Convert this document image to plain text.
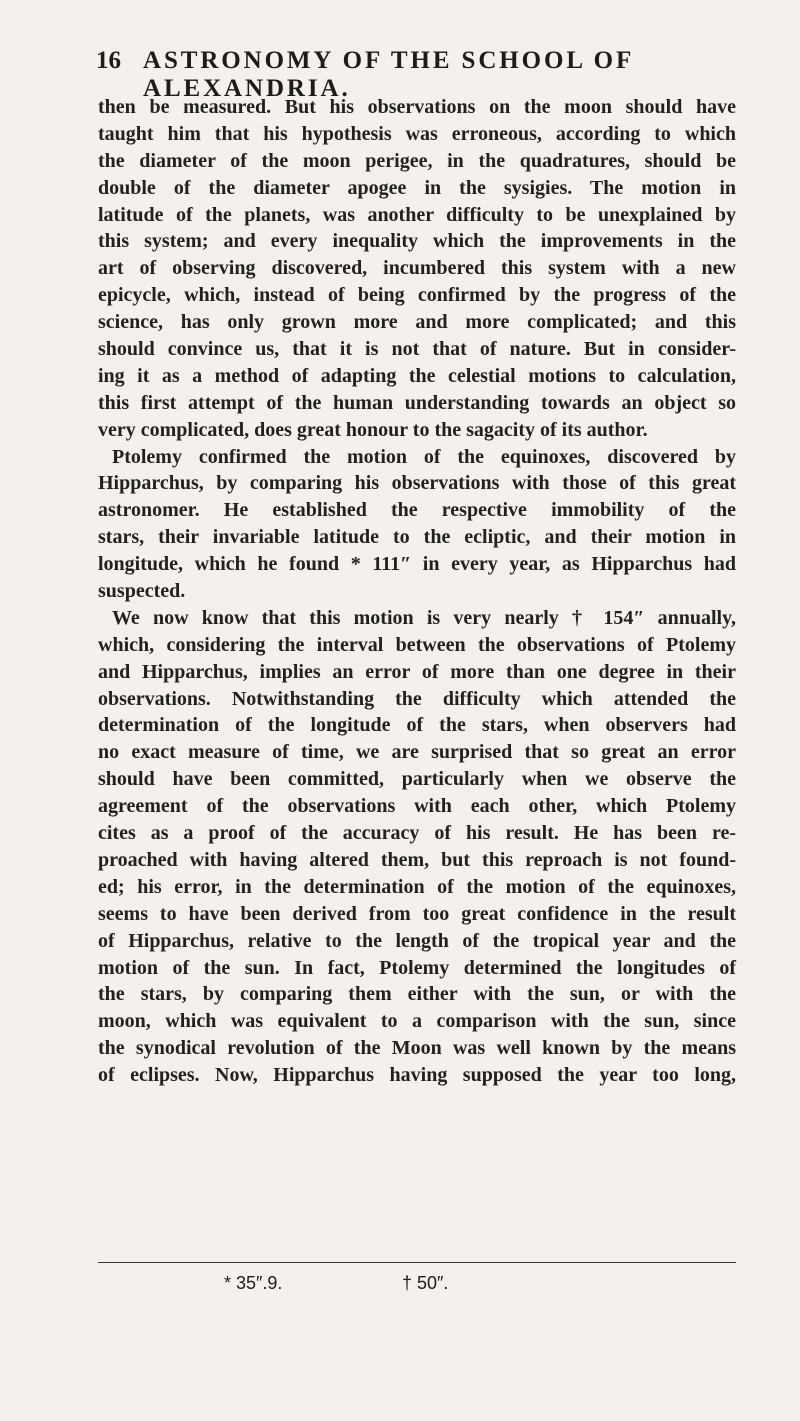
16 ASTRONOMY OF THE SCHOOL OF ALEXANDRIA.
then be measured. But his observations on the moon should have
taught him that his hypothesis was erroneous, according to which
the diameter of the moon perigee, in the quadratures, should be
double of the diameter apogee in the sysigies. The motion in
latitude of the planets, was another difficulty to be unexplained by
this system; and every inequality which the improvements in the
art of observing discovered, incumbered this system with a new
epicycle, which, instead of being confirmed by the progress of the
science, has only grown more and more complicated; and this
should convince us, that it is not that of nature. But in consider-
ing it as a method of adapting the celestial motions to calculation,
this first attempt of the human understanding towards an object so
very complicated, does great honour to the sagacity of its author.
Ptolemy confirmed the motion of the equinoxes, discovered by
Hipparchus, by comparing his observations with those of this great
astronomer. He established the respective immobility of the
stars, their invariable latitude to the ecliptic, and their motion in
longitude, which he found * 111″ in every year, as Hipparchus had
suspected.
We now know that this motion is very nearly † 154″ annually,
which, considering the interval between the observations of Ptolemy
and Hipparchus, implies an error of more than one degree in their
observations. Notwithstanding the difficulty which attended the
determination of the longitude of the stars, when observers had
no exact measure of time, we are surprised that so great an error
should have been committed, particularly when we observe the
agreement of the observations with each other, which Ptolemy
cites as a proof of the accuracy of his result. He has been re-
proached with having altered them, but this reproach is not found-
ed; his error, in the determination of the motion of the equinoxes,
seems to have been derived from too great confidence in the result
of Hipparchus, relative to the length of the tropical year and the
motion of the sun. In fact, Ptolemy determined the longitudes of
the stars, by comparing them either with the sun, or with the
moon, which was equivalent to a comparison with the sun, since
the synodical revolution of the Moon was well known by the means
of eclipses. Now, Hipparchus having supposed the year too long,
* 35″.9.	† 50″.
